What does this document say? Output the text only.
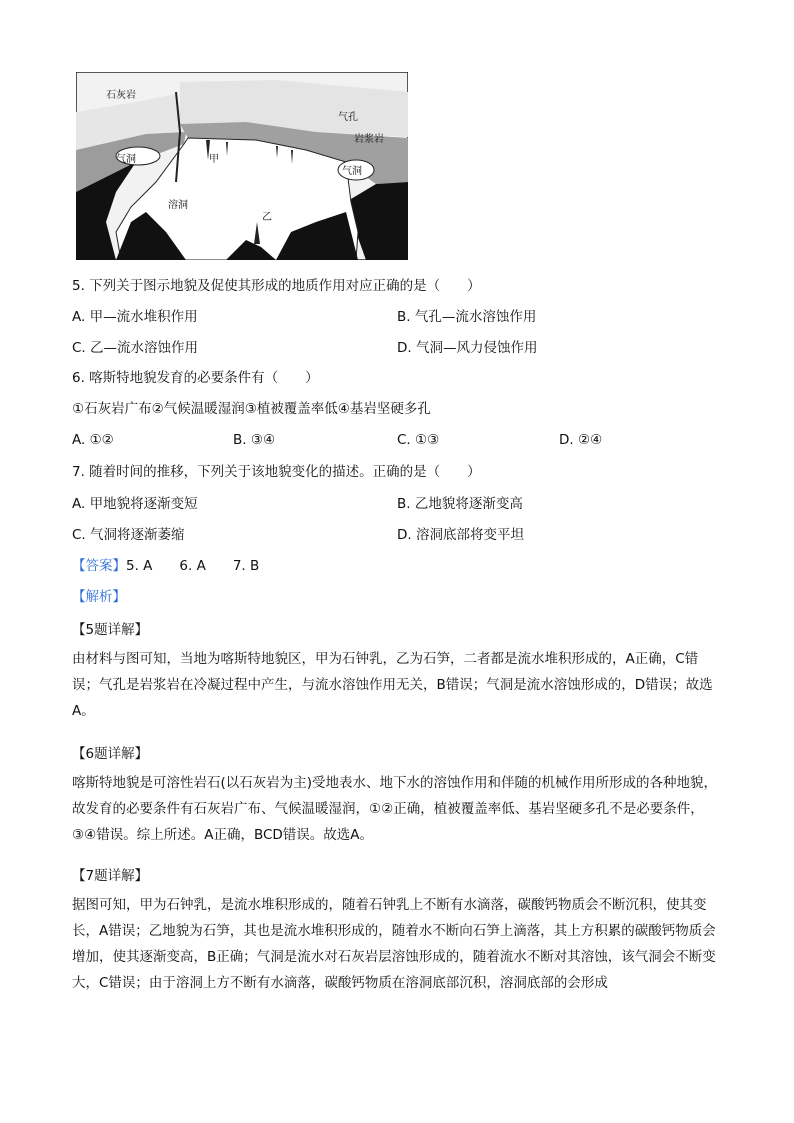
石灰岩
岩浆岩
气孔
气洞
气洞
甲
乙
溶洞
5. 下列关于图示地貌及促使其形成的地质作用对应正确的是（　　）
A. 甲—流水堆积作用	B. 气孔—流水溶蚀作用
C. 乙—流水溶蚀作用	D. 气洞—风力侵蚀作用
6. 喀斯特地貌发育的必要条件有（　　）
①石灰岩广布②气候温暖湿润③植被覆盖率低④基岩坚硬多孔
A. ①②	B. ③④	C. ①③	D. ②④
7. 随着时间的推移，下列关于该地貌变化的描述。正确的是（　　）
A. 甲地貌将逐渐变短	B. 乙地貌将逐渐变高
C. 气洞将逐渐萎缩	D. 溶洞底部将变平坦
【答案】5. A　　6. A　　7. B
【解析】
【5题详解】
由材料与图可知，当地为喀斯特地貌区，甲为石钟乳，乙为石笋，二者都是流水堆积形成的，A正确，C错误；气孔是岩浆岩在冷凝过程中产生，与流水溶蚀作用无关，B错误；气洞是流水溶蚀形成的，D错误；故选A。
【6题详解】
喀斯特地貌是可溶性岩石(以石灰岩为主)受地表水、地下水的溶蚀作用和伴随的机械作用所形成的各种地貌，故发育的必要条件有石灰岩广布、气候温暖湿润，①②正确，植被覆盖率低、基岩坚硬多孔不是必要条件，③④错误。综上所述。A正确，BCD错误。故选A。
【7题详解】
据图可知，甲为石钟乳，是流水堆积形成的，随着石钟乳上不断有水滴落，碳酸钙物质会不断沉积，使其变长，A错误；乙地貌为石笋，其也是流水堆积形成的，随着水不断向石笋上滴落，其上方积累的碳酸钙物质会增加，使其逐渐变高，B正确；气洞是流水对石灰岩层溶蚀形成的，随着流水不断对其溶蚀，该气洞会不断变大，C错误；由于溶洞上方不断有水滴落，碳酸钙物质在溶洞底部沉积，溶洞底部的会形成
